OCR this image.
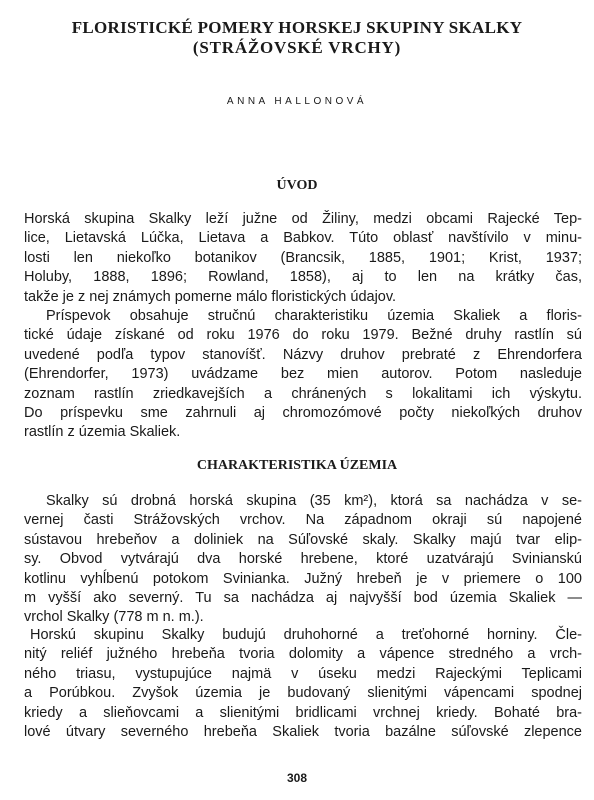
FLORISTICKÉ POMERY HORSKEJ SKUPINY SKALKY
(STRÁŽOVSKÉ VRCHY)
ANNA HALLONOVÁ
ÚVOD
Horská skupina Skalky leží južne od Žiliny, medzi obcami Rajecké Tep-
lice, Lietavská Lúčka, Lietava a Babkov. Túto oblasť navštívilo v minu-
losti len niekoľko botanikov (Brancsik, 1885, 1901; Krist, 1937;
Holuby, 1888, 1896; Rowland, 1858), aj to len na krátky čas,
takže je z nej známych pomerne málo floristických údajov.
Príspevok obsahuje stručnú charakteristiku územia Skaliek a floris-
tické údaje získané od roku 1976 do roku 1979. Bežné druhy rastlín sú
uvedené podľa typov stanovíšť. Názvy druhov prebraté z Ehrendorfera
(Ehrendorfer, 1973) uvádzame bez mien autorov. Potom nasleduje
zoznam rastlín zriedkavejších a chránených s lokalitami ich výskytu.
Do príspevku sme zahrnuli aj chromozómové počty niekoľkých druhov
rastlín z územia Skaliek.
CHARAKTERISTIKA ÚZEMIA
Skalky sú drobná horská skupina (35 km²), ktorá sa nachádza v se-
vernej časti Strážovských vrchov. Na západnom okraji sú napojené
sústavou hrebeňov a doliniek na Súľovské skaly. Skalky majú tvar elip-
sy. Obvod vytvárajú dva horské hrebene, ktoré uzatvárajú Svinianskú
kotlinu vyhĺbenú potokom Svinianka. Južný hrebeň je v priemere o 100
m vyšší ako severný. Tu sa nachádza aj najvyšší bod územia Skaliek —
vrchol Skalky (778 m n. m.).
Horskú skupinu Skalky budujú druhohorné a treťohorné horniny. Čle-
nitý reliéf južného hrebeňa tvoria dolomity a vápence stredného a vrch-
ného triasu, vystupujúce najmä v úseku medzi Rajeckými Teplicami
a Porúbkou. Zvyšok územia je budovaný slienitými vápencami spodnej
kriedy a slieňovcami a slienitými bridlicami vrchnej kriedy. Bohaté bra-
lové útvary severného hrebeňa Skaliek tvoria bazálne súľovské zlepence
308
